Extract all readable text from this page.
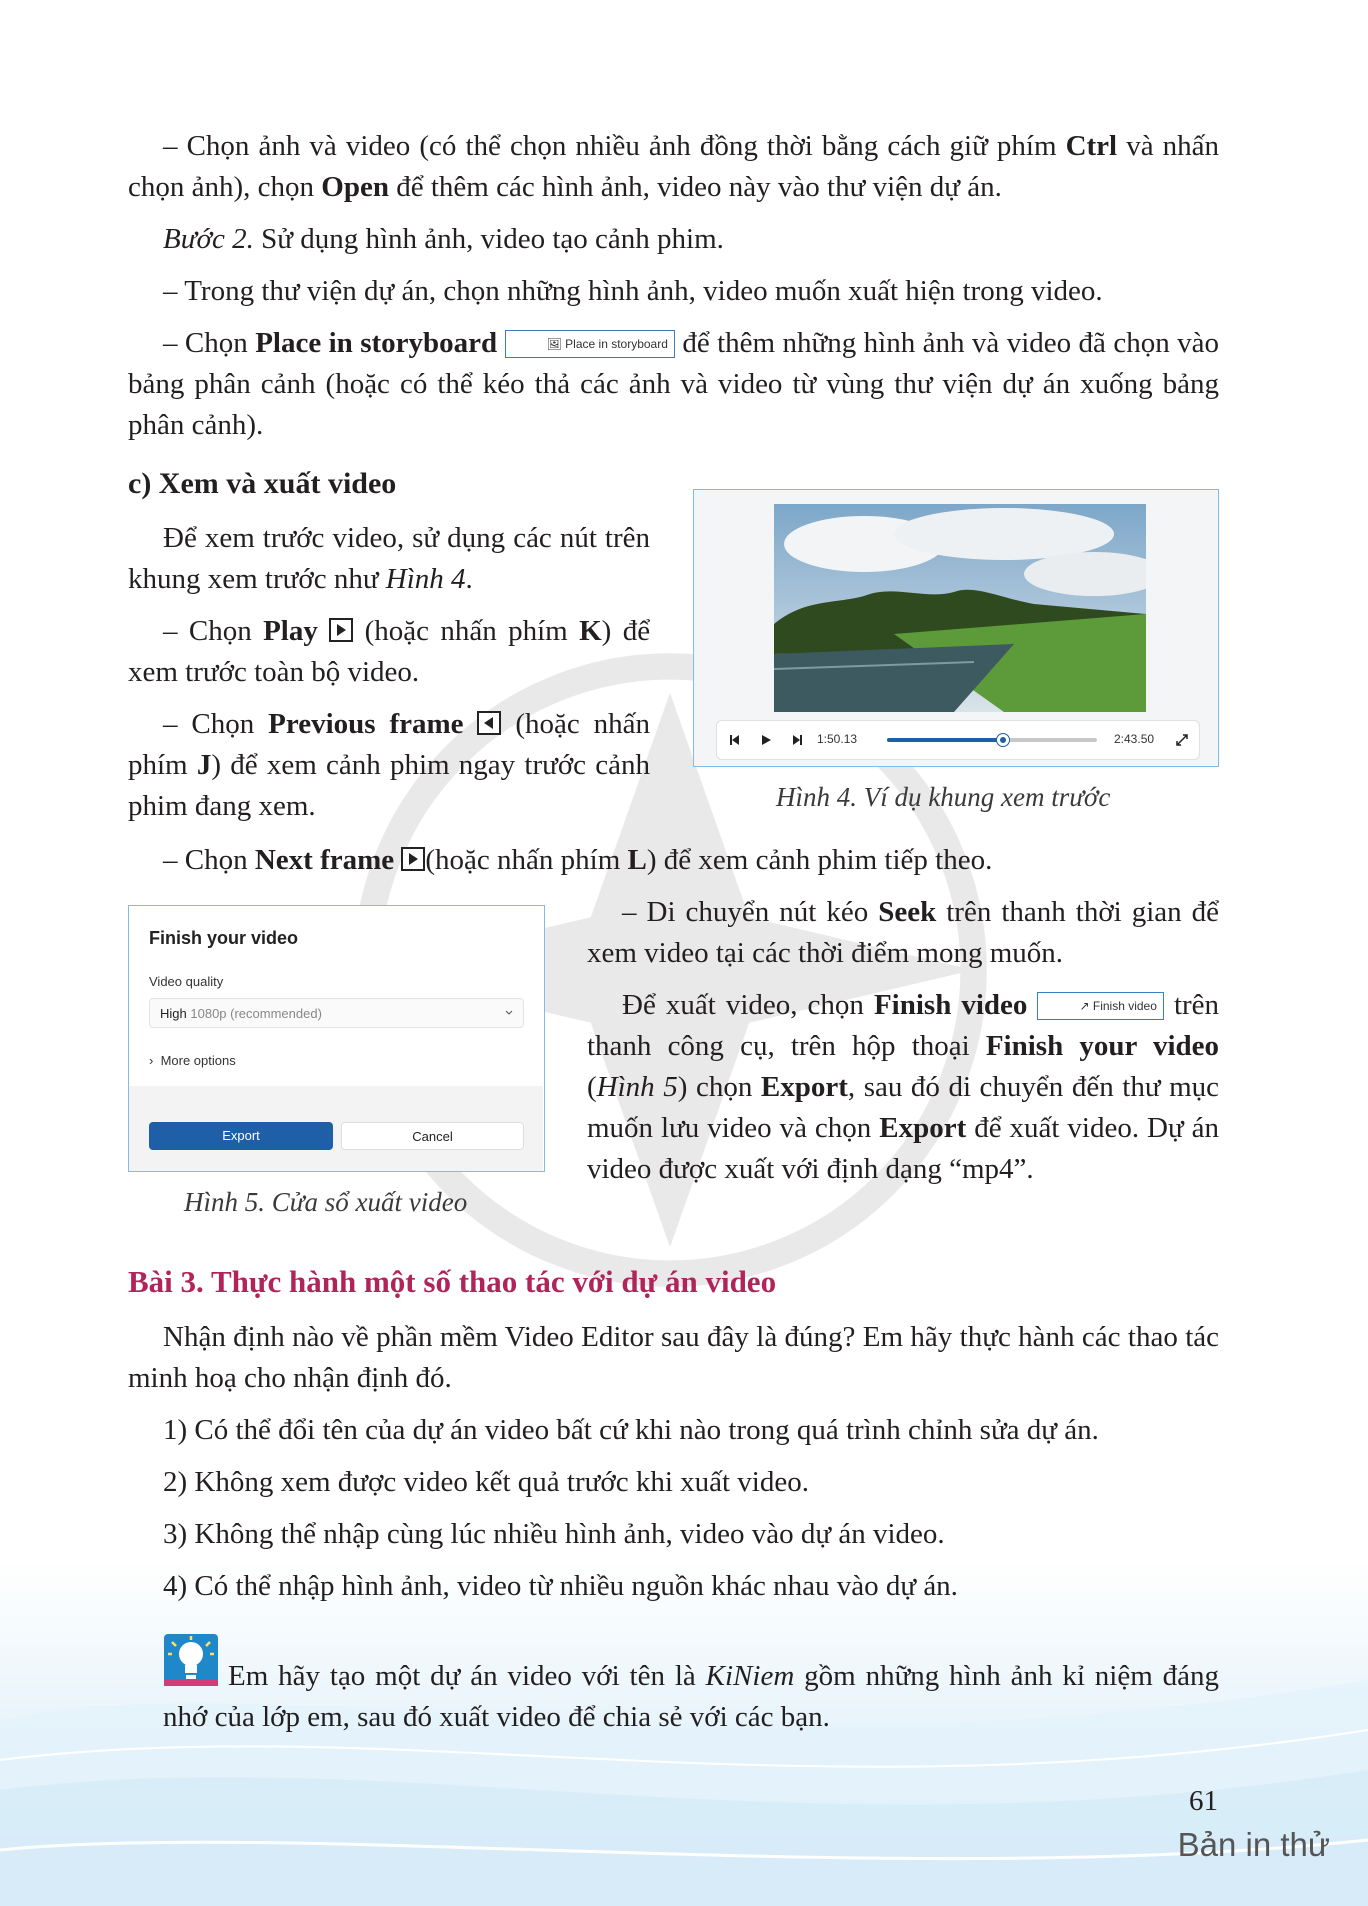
– Chọn ảnh và video (có thể chọn nhiều ảnh đồng thời bằng cách giữ phím Ctrl và nhấn chọn ảnh), chọn Open để thêm các hình ảnh, video này vào thư viện dự án.

Bước 2. Sử dụng hình ảnh, video tạo cảnh phim.

– Trong thư viện dự án, chọn những hình ảnh, video muốn xuất hiện trong video.

– Chọn Place in storyboard	🖼 Place in storyboard để thêm những hình ảnh và video đã chọn vào bảng phân cảnh (hoặc có thể kéo thả các ảnh và video từ vùng thư viện dự án xuống bảng phân cảnh).

c) Xem và xuất video

Để xem trước video, sử dụng các nút trên khung xem trước như Hình 4.

– Chọn Play (hoặc nhấn phím K) để xem trước toàn bộ video.

– Chọn Previous frame (hoặc nhấn phím J) để xem cảnh phim ngay trước cảnh phim đang xem.

1:50.13	2:43.50
Hình 4. Ví dụ khung xem trước

– Chọn Next frame (hoặc nhấn phím L) để xem cảnh phim tiếp theo.

Finish your video
Video quality
High 1080p (recommended)
› More options
Export	Cancel
Hình 5. Cửa sổ xuất video

– Di chuyển nút kéo Seek trên thanh thời gian để xem video tại các thời điểm mong muốn.

Để xuất video, chọn Finish video	↗ Finish video trên thanh công cụ, trên hộp thoại Finish your video (Hình 5) chọn Export, sau đó di chuyển đến thư mục muốn lưu video và chọn Export để xuất video. Dự án video được xuất với định dạng “mp4”.

Bài 3. Thực hành một số thao tác với dự án video

Nhận định nào về phần mềm Video Editor sau đây là đúng? Em hãy thực hành các thao tác minh hoạ cho nhận định đó.

1) Có thể đổi tên của dự án video bất cứ khi nào trong quá trình chỉnh sửa dự án.

2) Không xem được video kết quả trước khi xuất video.

3) Không thể nhập cùng lúc nhiều hình ảnh, video vào dự án video.

4) Có thể nhập hình ảnh, video từ nhiều nguồn khác nhau vào dự án.

Em hãy tạo một dự án video với tên là KiNiem gồm những hình ảnh kỉ niệm đáng nhớ của lớp em, sau đó xuất video để chia sẻ với các bạn.

61
Bản in thử
